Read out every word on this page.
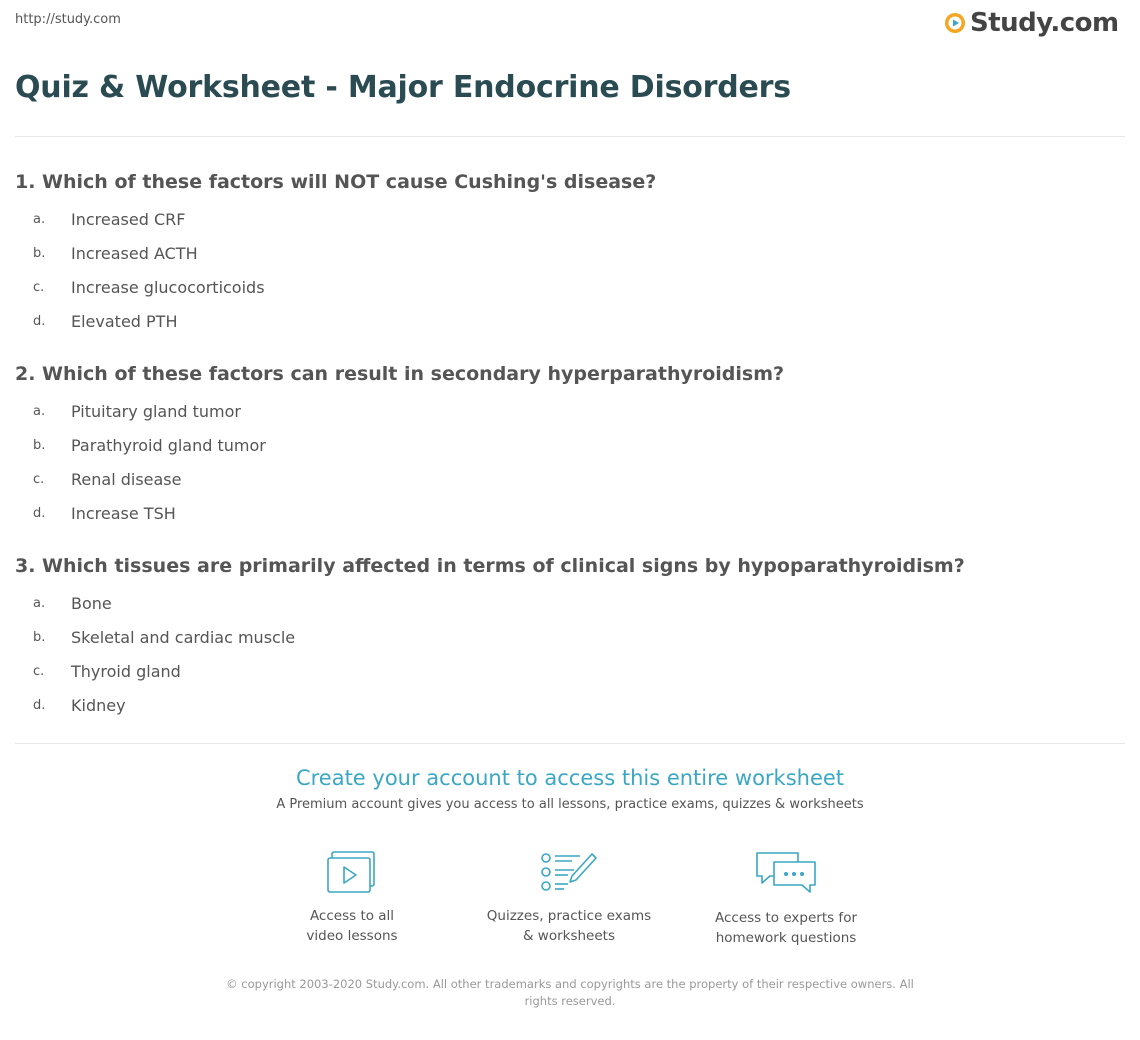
http://study.com	Study.com
Quiz & Worksheet - Major Endocrine Disorders
1. Which of these factors will NOT cause Cushing's disease?
a.	Increased CRF
b.	Increased ACTH
c.	Increase glucocorticoids
d.	Elevated PTH
2. Which of these factors can result in secondary hyperparathyroidism?
a.	Pituitary gland tumor
b.	Parathyroid gland tumor
c.	Renal disease
d.	Increase TSH
3. Which tissues are primarily affected in terms of clinical signs by hypoparathyroidism?
a.	Bone
b.	Skeletal and cardiac muscle
c.	Thyroid gland
d.	Kidney
Create your account to access this entire worksheet
A Premium account gives you access to all lessons, practice exams, quizzes & worksheets
Access to all
video lessons
Quizzes, practice exams
& worksheets
Access to experts for
homework questions
© copyright 2003-2020 Study.com. All other trademarks and copyrights are the property of their respective owners. All rights reserved.
